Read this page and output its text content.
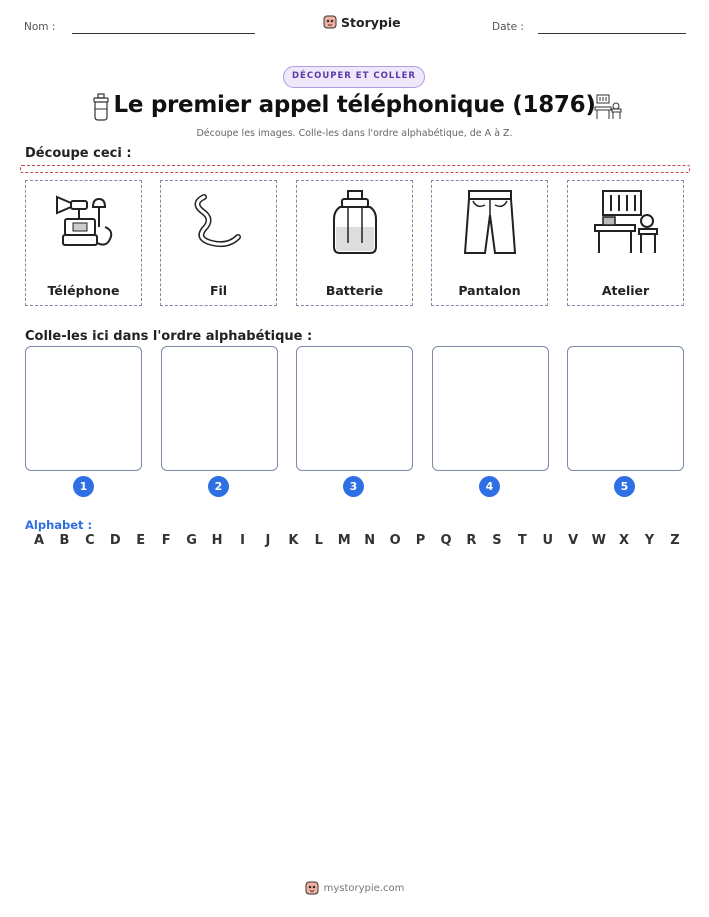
Nom :	Storypie	Date :
DÉCOUPER ET COLLER
Le premier appel téléphonique (1876)
Découpe les images. Colle-les dans l'ordre alphabétique, de A à Z.
Découpe ceci :
Téléphone	Fil	Batterie	Pantalon	Atelier
Colle-les ici dans l'ordre alphabétique :
1	2	3	4	5
Alphabet :
A B C D E F G H	I	J	K L M N O P Q R S T U V W X Y Z
mystorypie.com
